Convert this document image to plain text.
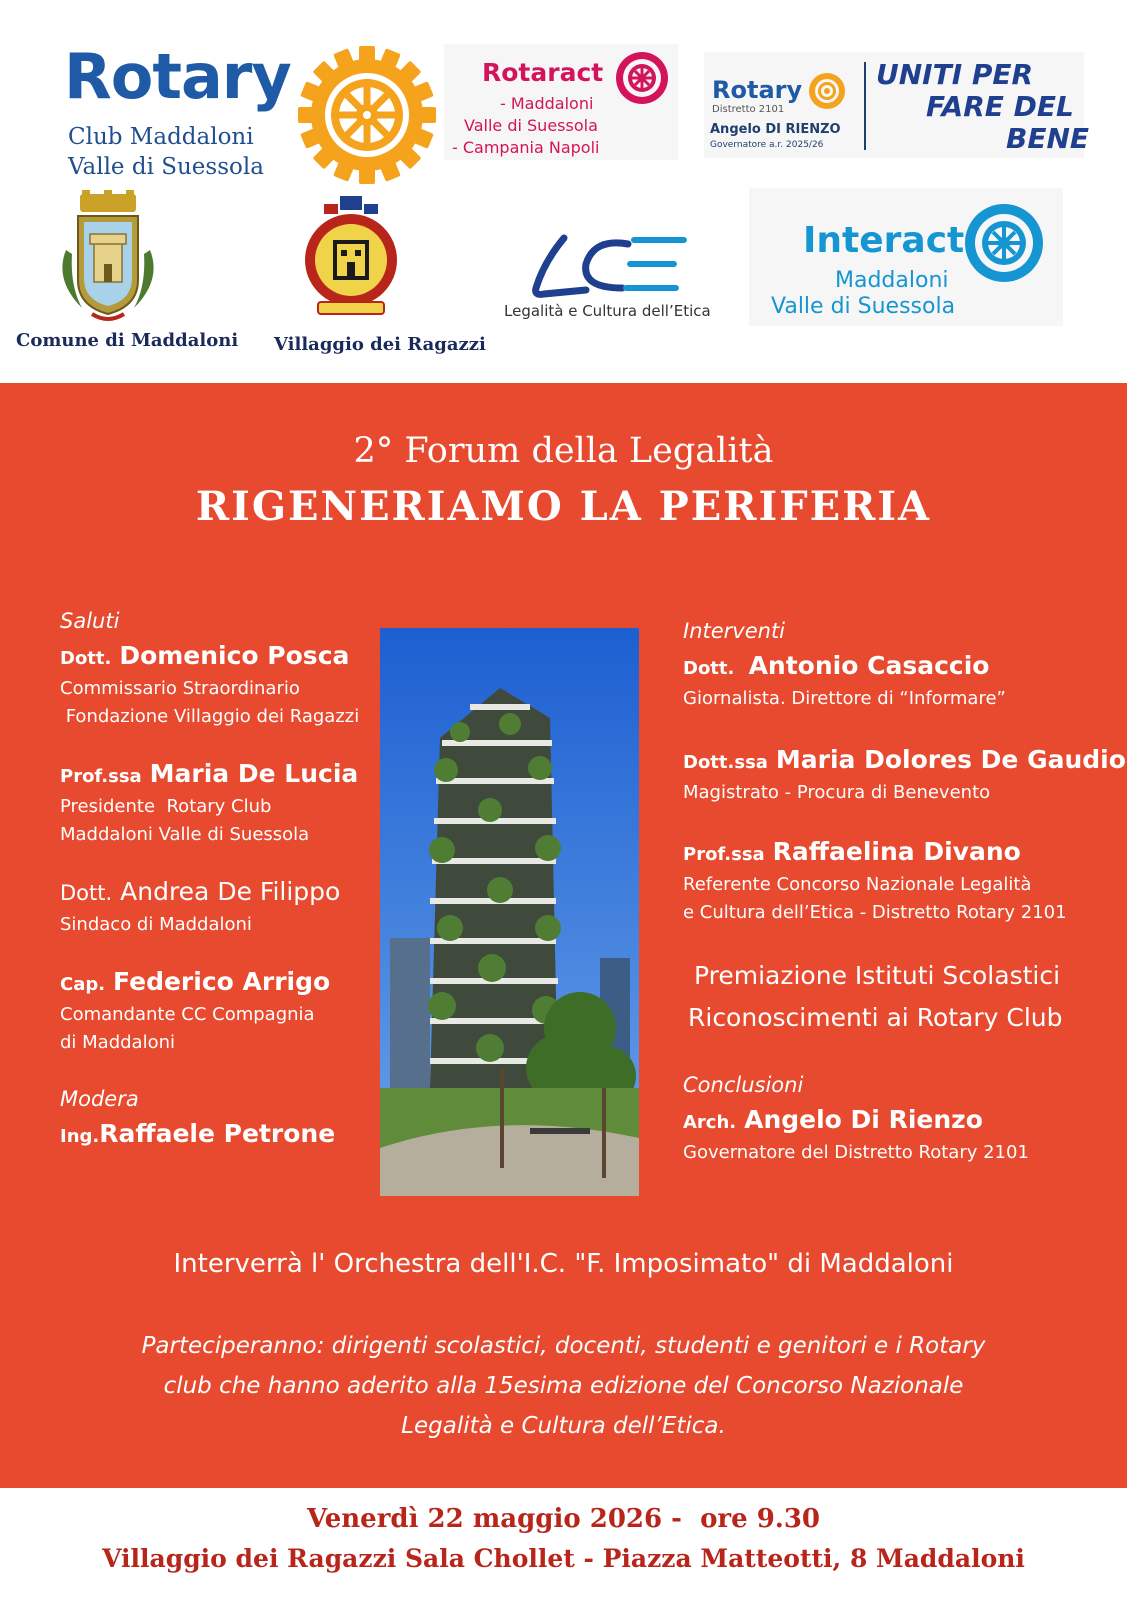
Rotary
Club Maddaloni
Valle di Suessola
Rotaract
- Maddaloni
Valle di Suessola
- Campania Napoli
Rotary
Distretto 2101
Angelo DI RIENZO
Governatore a.r. 2025/26
UNITI PER
FARE DEL
BENE
Comune di Maddaloni Villaggio dei Ragazzi
Legalità e Cultura dell’Etica
Interact
Maddaloni
Valle di Suessola
2° Forum della Legalità
RIGENERIAMO LA PERIFERIA
Saluti
Dott. Domenico Posca
Commissario Straordinario
Fondazione Villaggio dei Ragazzi
Prof.ssa Maria De Lucia
Presidente  Rotary Club
Maddaloni Valle di Suessola
Dott. Andrea De Filippo
Sindaco di Maddaloni
Cap. Federico Arrigo
Comandante CC Compagnia
di Maddaloni
Modera
Ing.Raffaele Petrone
Interventi
Dott.  Antonio Casaccio
Giornalista. Direttore di “Informare”
Dott.ssa Maria Dolores De Gaudio
Magistrato - Procura di Benevento
Prof.ssa Raffaelina Divano
Referente Concorso Nazionale Legalità
e Cultura dell’Etica - Distretto Rotary 2101
Premiazione Istituti Scolastici
Riconoscimenti ai Rotary Club
Conclusioni
Arch. Angelo Di Rienzo
Governatore del Distretto Rotary 2101
Interverrà l' Orchestra dell'I.C. "F. Imposimato" di Maddaloni
Parteciperanno: dirigenti scolastici, docenti, studenti e genitori e i Rotary
club che hanno aderito alla 15esima edizione del Concorso Nazionale
Legalità e Cultura dell’Etica.
Venerdì 22 maggio 2026 -  ore 9.30
Villaggio dei Ragazzi Sala Chollet - Piazza Matteotti, 8 Maddaloni
